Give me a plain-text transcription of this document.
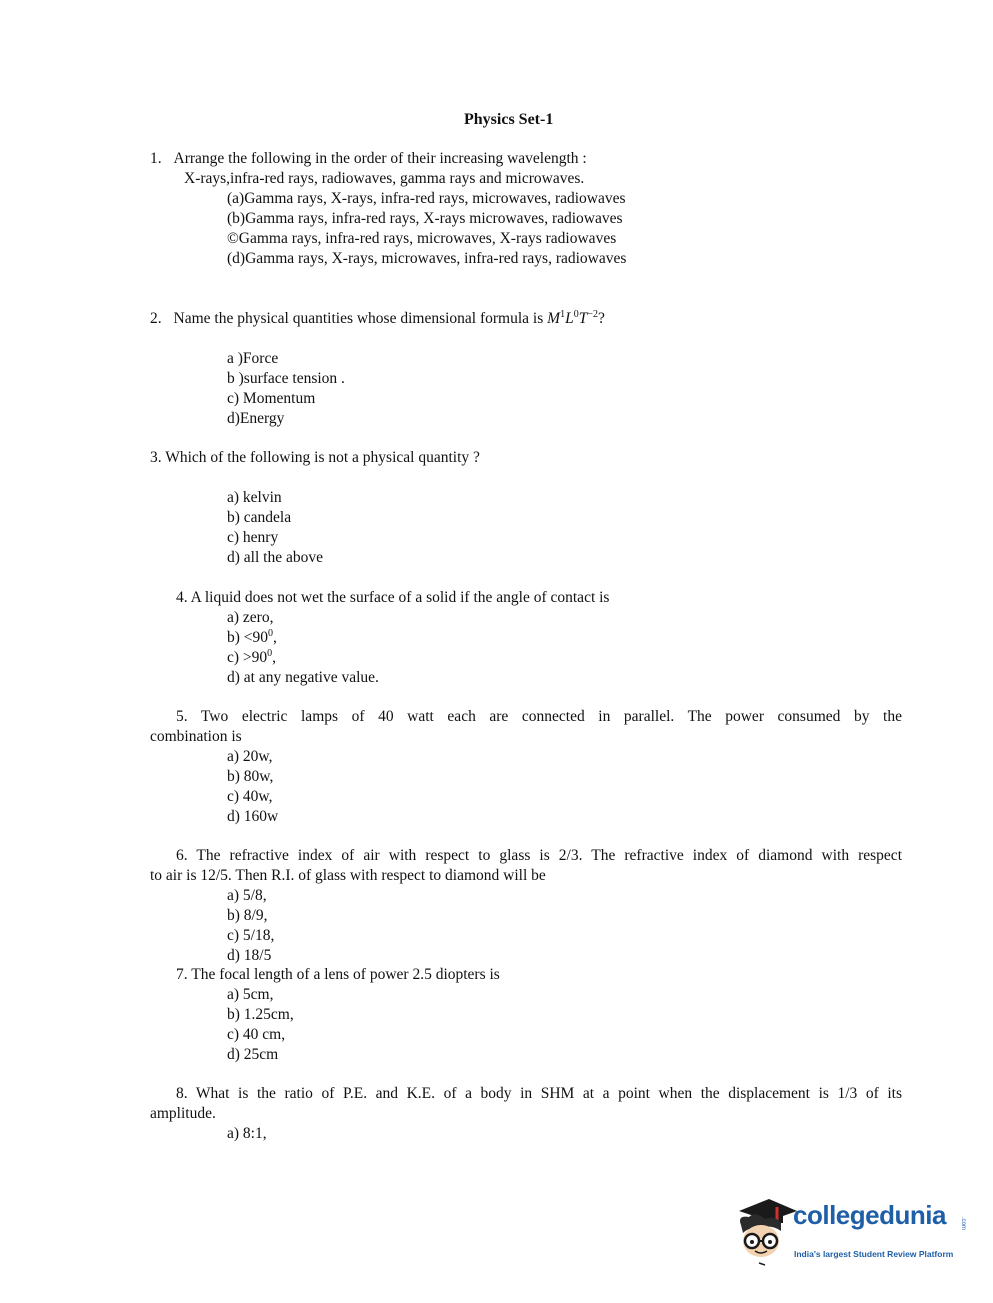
Physics Set-1
1. Arrange the following in the order of their increasing wavelength :
X-rays,infra-red rays, radiowaves, gamma rays and microwaves.
(a)Gamma rays, X-rays, infra-red rays, microwaves, radiowaves
(b)Gamma rays, infra-red rays, X-rays microwaves, radiowaves
©Gamma rays, infra-red rays, microwaves, X-rays radiowaves
(d)Gamma rays, X-rays, microwaves, infra-red rays, radiowaves
2. Name the physical quantities whose dimensional formula is $M^1L^0T^{-2}$?

a )Force
b )surface tension .
c) Momentum
d)Energy
3. Which of the following is not a physical quantity ?

a) kelvin
b) candela
c) henry
d) all the above
4. A liquid does not wet the surface of a solid if the angle of contact is
a) zero,
$b) <90^0$,
$c) >90^0$,
d) at any negative value.
5. Two electric lamps of 40 watt each are connected in parallel. The power consumed by the
combination is
a) 20w,
b) 80w,
c) 40w,
d) 160w
6. The refractive index of air with respect to glass is 2/3. The refractive index of diamond with respect
to air is 12/5. Then R.I. of glass with respect to diamond will be
a) 5/8,
b) 8/9,
c) 5/18,
d) 18/5
7. The focal length of a lens of power 2.5 diopters is
a) 5cm,
b) 1.25cm,
c) 40 cm,
d) 25cm
8. What is the ratio of P.E. and K.E. of a body in SHM at a point when the displacement is 1/3 of its
amplitude.
a) 8:1,
collegedunia	.com
India's largest Student Review Platform
